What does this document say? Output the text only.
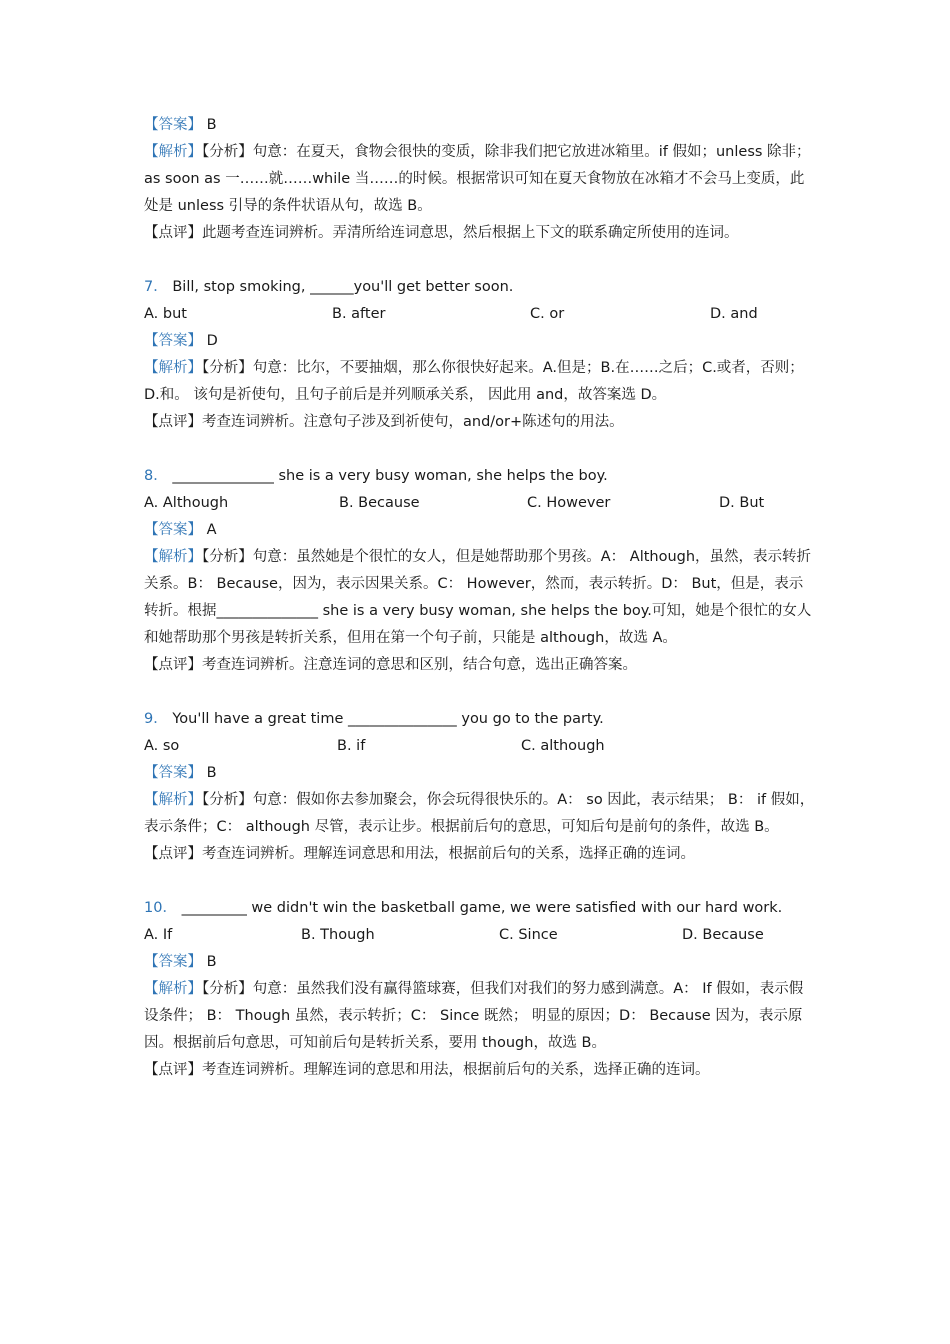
【答案】 B

【解析】【分析】句意：在夏天，食物会很快的变质，除非我们把它放进冰箱里。if 假如；unless 除非；as soon as 一……就……while 当……的时候。根据常识可知在夏天食物放在冰箱才不会马上变质，此处是 unless 引导的条件状语从句，故选 B。

【点评】此题考查连词辨析。弄清所给连词意思，然后根据上下文的联系确定所使用的连词。

7． Bill, stop smoking, ______you'll get better soon.

A. but	B. after	C. or	D. and

【答案】 D

【解析】【分析】句意：比尔，不要抽烟，那么你很快好起来。A.但是；B.在……之后；C.或者，否则；D.和。 该句是祈使句，且句子前后是并列顺承关系， 因此用 and，故答案选 D。

【点评】考查连词辨析。注意句子涉及到祈使句，and/or+陈述句的用法。

8． ______________ she is a very busy woman, she helps the boy.

A. Although	B. Because	C. However	D. But

【答案】 A

【解析】【分析】句意：虽然她是个很忙的女人，但是她帮助那个男孩。A： Although，虽然，表示转折关系。B： Because，因为，表示因果关系。C： However，然而，表示转折。D： But，但是，表示转折。根据______________ she is a very busy woman, she helps the boy.可知，她是个很忙的女人和她帮助那个男孩是转折关系，但用在第一个句子前，只能是 although，故选 A。

【点评】考查连词辨析。注意连词的意思和区别，结合句意，选出正确答案。

9． You'll have a great time _______________ you go to the party.

A. so	B. if	C. although

【答案】 B

【解析】【分析】句意：假如你去参加聚会，你会玩得很快乐的。A： so 因此，表示结果； B： if 假如，表示条件；C： although 尽管，表示让步。根据前后句的意思，可知后句是前句的条件，故选 B。

【点评】考查连词辨析。理解连词意思和用法，根据前后句的关系，选择正确的连词。

10． _________ we didn't win the basketball game, we were satisfied with our hard work.

A. If	B. Though	C. Since	D. Because

【答案】 B

【解析】【分析】句意：虽然我们没有赢得篮球赛，但我们对我们的努力感到满意。A： If 假如，表示假设条件； B： Though 虽然，表示转折；C： Since 既然； 明显的原因；D： Because 因为，表示原因。根据前后句意思，可知前后句是转折关系，要用 though，故选 B。

【点评】考查连词辨析。理解连词的意思和用法，根据前后句的关系，选择正确的连词。
